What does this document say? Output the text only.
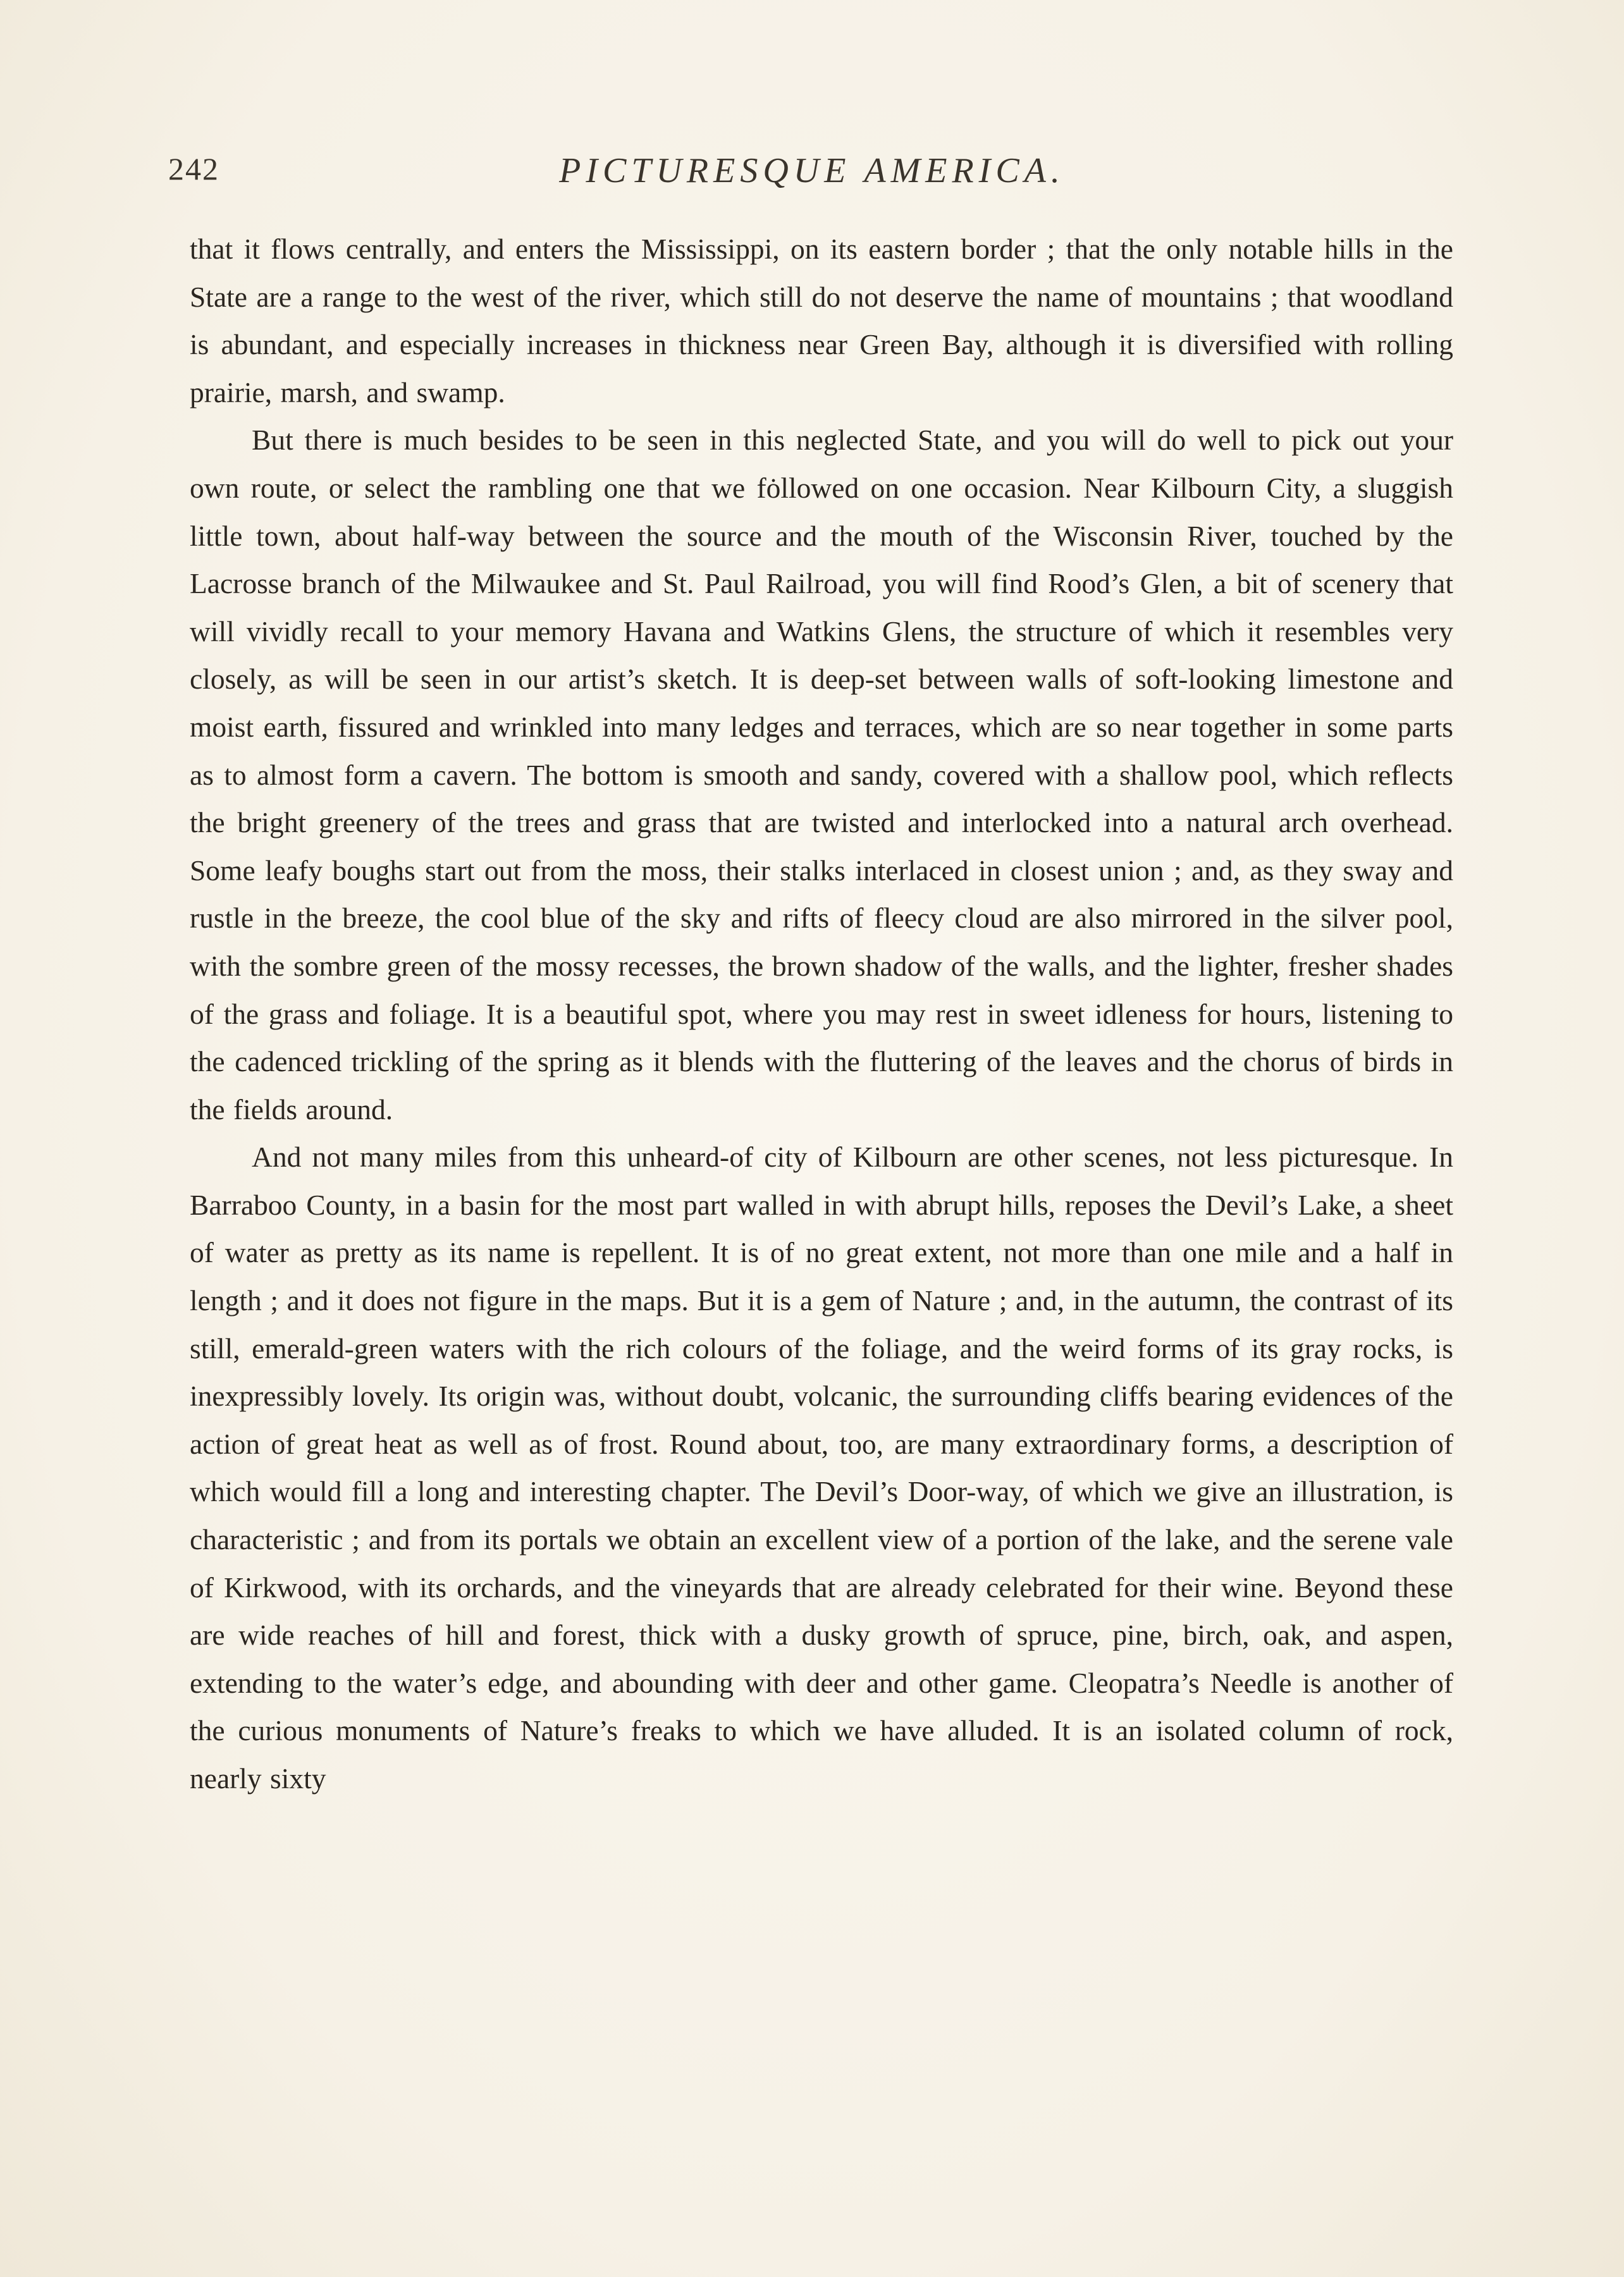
242	PICTURESQUE AMERICA.

that it flows centrally, and enters the Mississippi, on its eastern border ; that the only notable hills in the State are a range to the west of the river, which still do not deserve the name of mountains ; that woodland is abundant, and especially increases in thickness near Green Bay, although it is diversified with rolling prairie, marsh, and swamp.

But there is much besides to be seen in this neglected State, and you will do well to pick out your own route, or select the rambling one that we fȯllowed on one occasion. Near Kilbourn City, a sluggish little town, about half-way between the source and the mouth of the Wisconsin River, touched by the Lacrosse branch of the Milwaukee and St. Paul Railroad, you will find Rood’s Glen, a bit of scenery that will vividly recall to your memory Havana and Watkins Glens, the structure of which it resembles very closely, as will be seen in our artist’s sketch. It is deep-set between walls of soft-looking limestone and moist earth, fissured and wrinkled into many ledges and terraces, which are so near together in some parts as to almost form a cavern. The bottom is smooth and sandy, covered with a shallow pool, which reflects the bright greenery of the trees and grass that are twisted and interlocked into a natural arch overhead. Some leafy boughs start out from the moss, their stalks interlaced in closest union ; and, as they sway and rustle in the breeze, the cool blue of the sky and rifts of fleecy cloud are also mirrored in the silver pool, with the sombre green of the mossy recesses, the brown shadow of the walls, and the lighter, fresher shades of the grass and foliage. It is a beautiful spot, where you may rest in sweet idleness for hours, listening to the cadenced trickling of the spring as it blends with the fluttering of the leaves and the chorus of birds in the fields around.

And not many miles from this unheard-of city of Kilbourn are other scenes, not less picturesque. In Barraboo County, in a basin for the most part walled in with abrupt hills, reposes the Devil’s Lake, a sheet of water as pretty as its name is repellent. It is of no great extent, not more than one mile and a half in length ; and it does not figure in the maps. But it is a gem of Nature ; and, in the autumn, the contrast of its still, emerald-green waters with the rich colours of the foliage, and the weird forms of its gray rocks, is inexpressibly lovely. Its origin was, without doubt, volcanic, the surrounding cliffs bearing evidences of the action of great heat as well as of frost. Round about, too, are many extraordinary forms, a description of which would fill a long and interesting chapter. The Devil’s Door-way, of which we give an illustration, is characteristic ; and from its portals we obtain an excellent view of a portion of the lake, and the serene vale of Kirkwood, with its orchards, and the vineyards that are already celebrated for their wine. Beyond these are wide reaches of hill and forest, thick with a dusky growth of spruce, pine, birch, oak, and aspen, extending to the water’s edge, and abounding with deer and other game. Cleopatra’s Needle is another of the curious monuments of Nature’s freaks to which we have alluded. It is an isolated column of rock, nearly sixty
